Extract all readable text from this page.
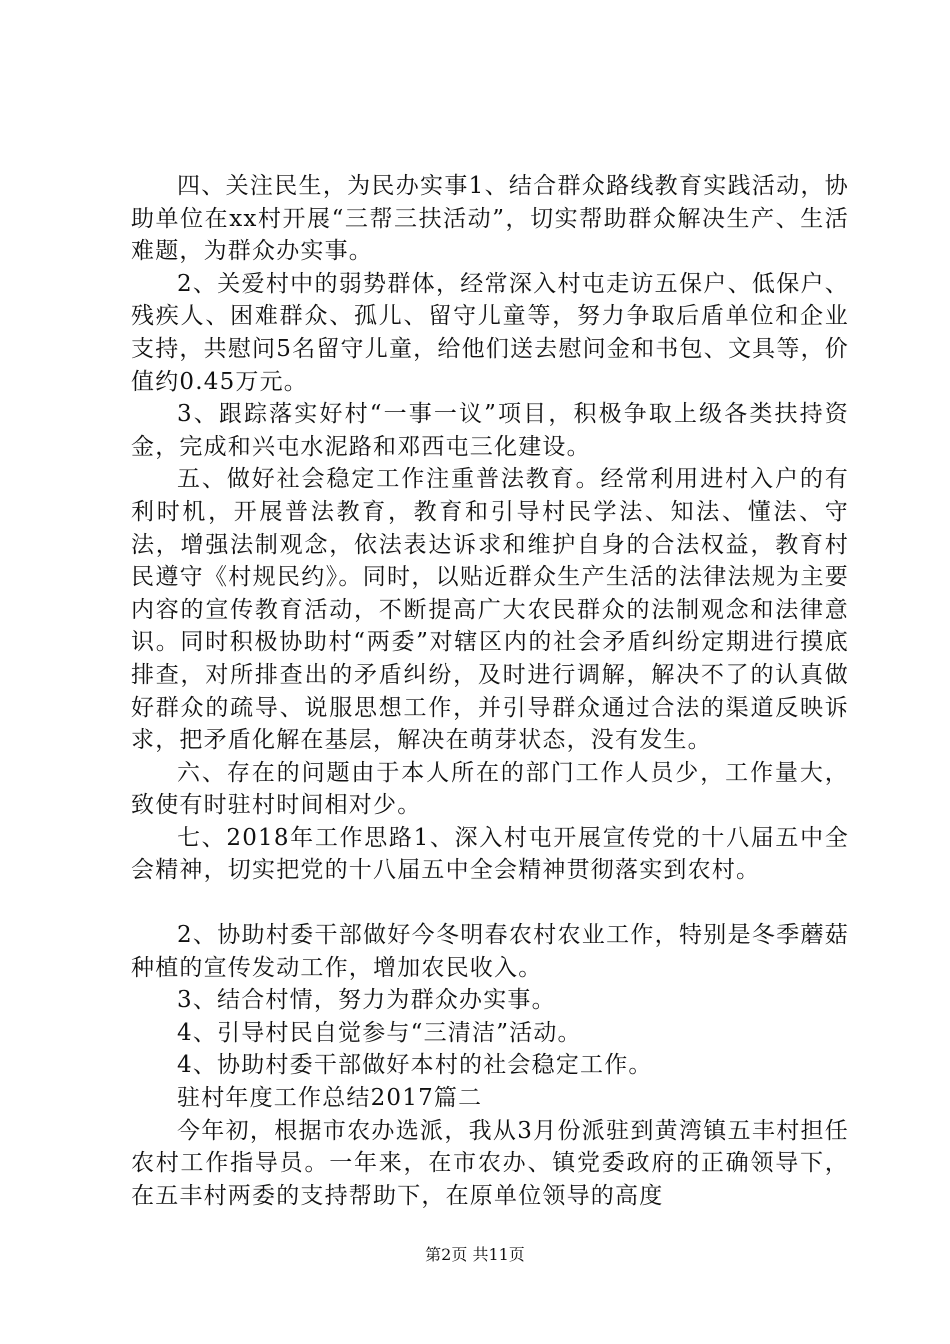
四、关注民生，为民办实事1、结合群众路线教育实践活动，协助单位在xx村开展“三帮三扶活动”，切实帮助群众解决生产、生活难题，为群众办实事。

2、关爱村中的弱势群体，经常深入村屯走访五保户、低保户、残疾人、困难群众、孤儿、留守儿童等，努力争取后盾单位和企业支持，共慰问5名留守儿童，给他们送去慰问金和书包、文具等，价值约0.45万元。

3、跟踪落实好村“一事一议”项目，积极争取上级各类扶持资金，完成和兴屯水泥路和邓西屯三化建设。

五、做好社会稳定工作注重普法教育。经常利用进村入户的有利时机，开展普法教育，教育和引导村民学法、知法、懂法、守法，增强法制观念，依法表达诉求和维护自身的合法权益，教育村民遵守《村规民约》。同时，以贴近群众生产生活的法律法规为主要内容的宣传教育活动，不断提高广大农民群众的法制观念和法律意识。同时积极协助村“两委”对辖区内的社会矛盾纠纷定期进行摸底排查，对所排查出的矛盾纠纷，及时进行调解，解决不了的认真做好群众的疏导、说服思想工作，并引导群众通过合法的渠道反映诉求，把矛盾化解在基层，解决在萌芽状态，没有发生。

六、存在的问题由于本人所在的部门工作人员少，工作量大，致使有时驻村时间相对少。

七、2018年工作思路1、深入村屯开展宣传党的十八届五中全会精神，切实把党的十八届五中全会精神贯彻落实到农村。

2、协助村委干部做好今冬明春农村农业工作，特别是冬季蘑菇种植的宣传发动工作，增加农民收入。

3、结合村情，努力为群众办实事。

4、引导村民自觉参与“三清洁”活动。

4、协助村委干部做好本村的社会稳定工作。

驻村年度工作总结2017篇二

今年初，根据市农办选派，我从3月份派驻到黄湾镇五丰村担任农村工作指导员。一年来，在市农办、镇党委政府的正确领导下，在五丰村两委的支持帮助下，在原单位领导的高度

第2页 共11页
